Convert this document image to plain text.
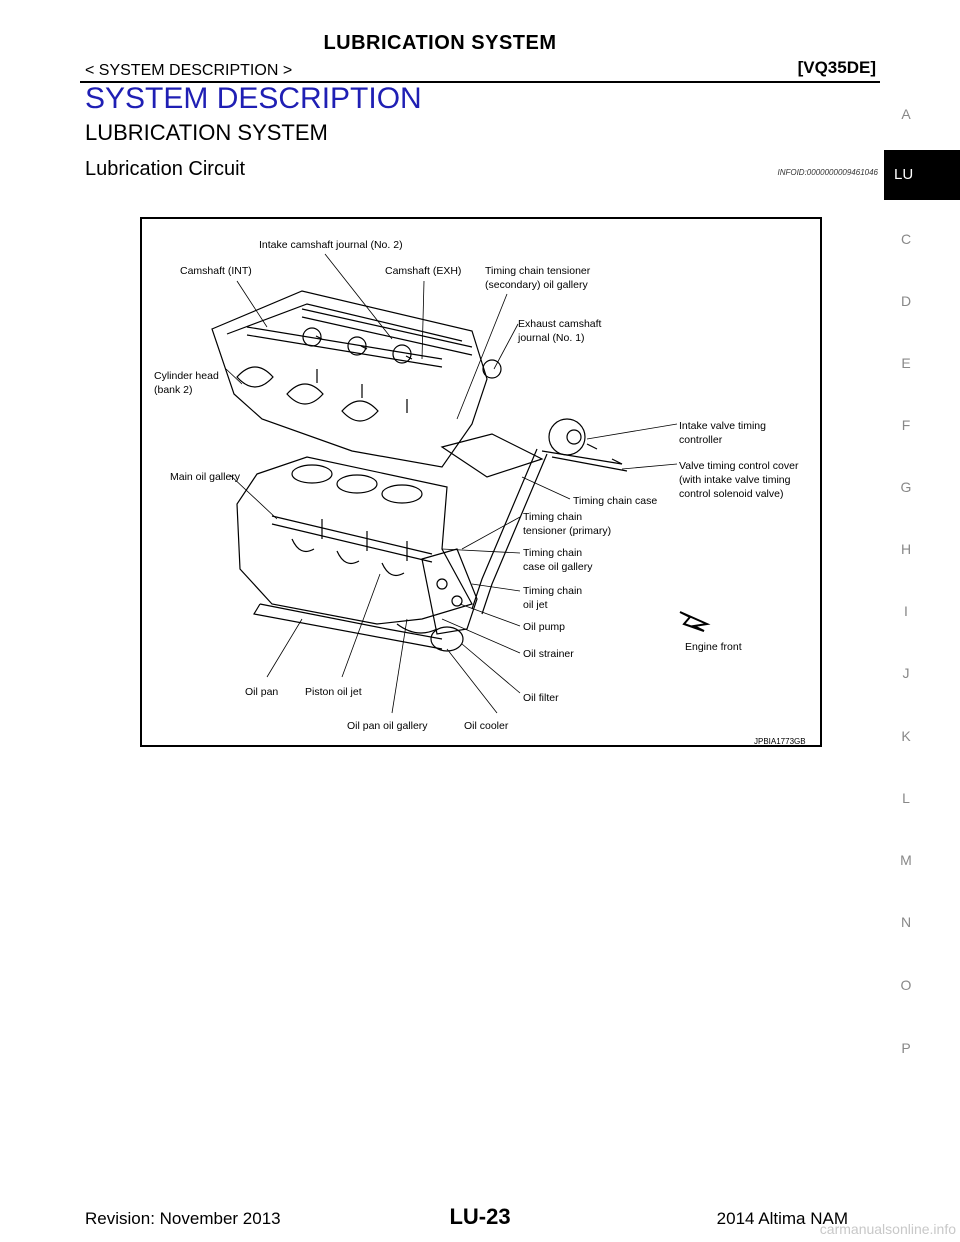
LUBRICATION SYSTEM
< SYSTEM DESCRIPTION >	[VQ35DE]
SYSTEM DESCRIPTION
LUBRICATION SYSTEM
Lubrication Circuit	INFOID:0000000009461046
Intake camshaft journal (No. 2)
Camshaft (INT)	Camshaft (EXH) Timing chain tensioner
(secondary) oil gallery
Exhaust camshaft
journal (No. 1)
Cylinder head
(bank 2)
Intake valve timing
controller
Valve timing control cover
(with intake valve timing
control solenoid valve)
Main oil gallery
Timing chain case
Timing chain
tensioner (primary)
Timing chain
case oil gallery
Timing chain
oil jet
Oil pump
Engine front
Oil strainer
Oil filter
Oil pan	Piston oil jet
Oil pan oil gallery	Oil cooler
JPBIA1773GB
A
LU
C
D
E
F
G
H
I
J
K
L
M
N
O
P
Revision: November 2013	LU-23	2014 Altima NAM
carmanualsonline.info
